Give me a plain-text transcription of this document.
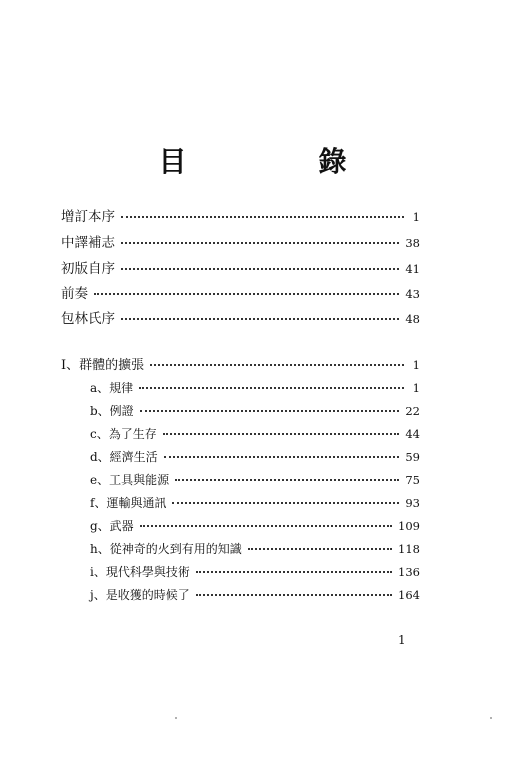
目　錄
增訂本序	1
中譯補志	38
初版自序	41
前奏	43
包林氏序	48
Ⅰ、群體的擴張	1
a、規律	1
b、例證	22
c、為了生存	44
d、經濟生活	59
e、工具與能源	75
f、運輸與通訊	93
g、武器	109
h、從神奇的火到有用的知識	118
i、現代科學與技術	136
j、是收獲的時候了	164
1
